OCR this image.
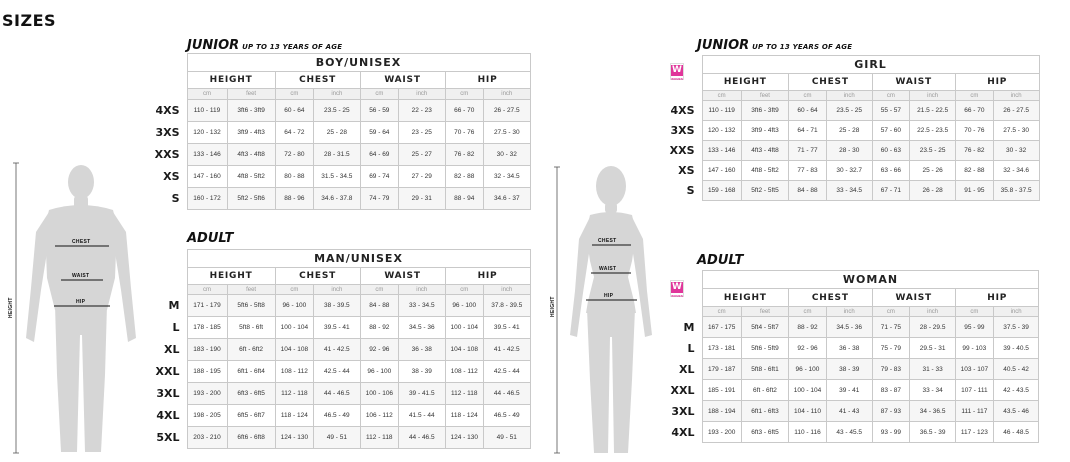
SIZES
JUNIOR UP TO 13 YEARS OF AGE
ADULT
JUNIOR UP TO 13 YEARS OF AGE
ADULT
W
WOMEN
W
WOMEN
	BOY/UNISEX							
	HEIGHT		CHEST		WAIST		HIP	
	cm	feet	cm	inch	cm	inch	cm	inch
4XS	110 - 119	3ft6 - 3ft9	60 - 64	23.5 - 25	56 - 59	22 - 23	66 - 70	26 - 27.5
3XS	120 - 132	3ft9 - 4ft3	64 - 72	25 - 28	59 - 64	23 - 25	70 - 76	27.5 - 30
XXS	133 - 146	4ft3 - 4ft8	72 - 80	28 - 31.5	64 - 69	25 - 27	76 - 82	30 - 32
XS	147 - 160	4ft8 - 5ft2	80 - 88	31.5 - 34.5	69 - 74	27 - 29	82 - 88	32 - 34.5
S	160 - 172	5ft2 - 5ft6	88 - 96	34.6 - 37.8	74 - 79	29 - 31	88 - 94	34.6 - 37
	MAN/UNISEX							
	HEIGHT		CHEST		WAIST		HIP	
	cm	feet	cm	inch	cm	inch	cm	inch
M	171 - 179	5ft6 - 5ft8	96 - 100	38 - 39.5	84 - 88	33 - 34.5	96 - 100	37.8 - 39.5
L	178 - 185	5ft8 - 6ft	100 - 104	39.5 - 41	88 - 92	34.5 - 36	100 - 104	39.5 - 41
XL	183 - 190	6ft - 6ft2	104 - 108	41 - 42.5	92 - 96	36 - 38	104 - 108	41 - 42.5
XXL	188 - 195	6ft1 - 6ft4	108 - 112	42.5 - 44	96 - 100	38 - 39	108 - 112	42.5 - 44
3XL	193 - 200	6ft3 - 6ft5	112 - 118	44 - 46.5	100 - 106	39 - 41.5	112 - 118	44 - 46.5
4XL	198 - 205	6ft5 - 6ft7	118 - 124	46.5 - 49	106 - 112	41.5 - 44	118 - 124	46.5 - 49
5XL	203 - 210	6ft6 - 6ft8	124 - 130	49 - 51	112 - 118	44 - 46.5	124 - 130	49 - 51
	GIRL							
	HEIGHT		CHEST		WAIST		HIP	
	cm	feet	cm	inch	cm	inch	cm	inch
4XS	110 - 119	3ft6 - 3ft9	60 - 64	23.5 - 25	55 - 57	21.5 - 22.5	66 - 70	26 - 27.5
3XS	120 - 132	3ft9 - 4ft3	64 - 71	25 - 28	57 - 60	22.5 - 23.5	70 - 76	27.5 - 30
XXS	133 - 146	4ft3 - 4ft8	71 - 77	28 - 30	60 - 63	23.5 - 25	76 - 82	30 - 32
XS	147 - 160	4ft8 - 5ft2	77 - 83	30 - 32.7	63 - 66	25 - 26	82 - 88	32 - 34.6
S	159 - 168	5ft2 - 5ft5	84 - 88	33 - 34.5	67 - 71	26 - 28	91 - 95	35.8 - 37.5
	WOMAN							
	HEIGHT		CHEST		WAIST		HIP	
	cm	feet	cm	inch	cm	inch	cm	inch
M	167 - 175	5ft4 - 5ft7	88 - 92	34.5 - 36	71 - 75	28 - 29.5	95 - 99	37.5 - 39
L	173 - 181	5ft6 - 5ft9	92 - 96	36 - 38	75 - 79	29.5 - 31	99 - 103	39 - 40.5
XL	179 - 187	5ft8 - 6ft1	96 - 100	38 - 39	79 - 83	31 - 33	103 - 107	40.5 - 42
XXL	185 - 191	6ft - 6ft2	100 - 104	39 - 41	83 - 87	33 - 34	107 - 111	42 - 43.5
3XL	188 - 194	6ft1 - 6ft3	104 - 110	41 - 43	87 - 93	34 - 36.5	111 - 117	43.5 - 46
4XL	193 - 200	6ft3 - 6ft5	110 - 116	43 - 45.5	93 - 99	36.5 - 39	117 - 123	46 - 48.5
CHEST
WAIST
HIP
HEIGHT
CHEST
WAIST
HIP
HEIGHT
